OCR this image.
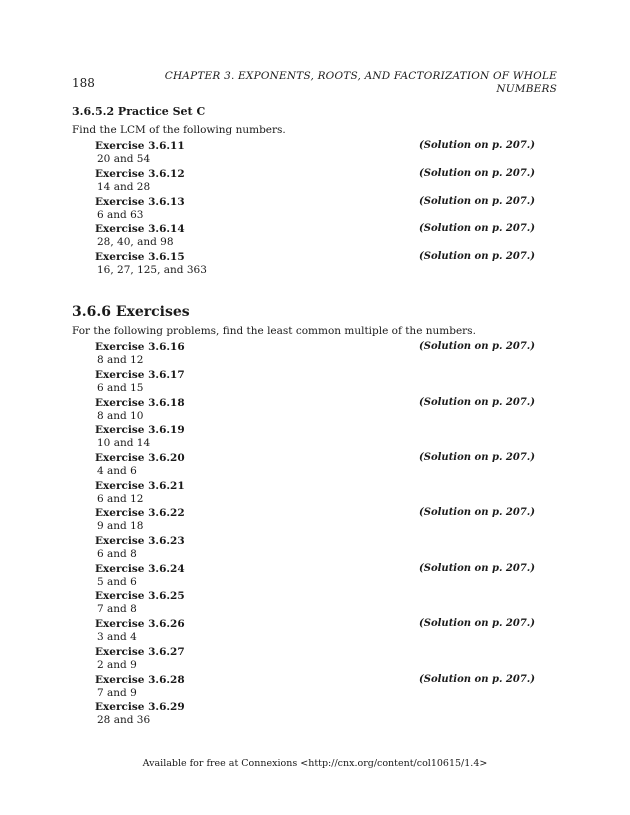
188	CHAPTER 3. EXPONENTS, ROOTS, AND FACTORIZATION OF WHOLE
NUMBERS
3.6.5.2 Practice Set C
Find the LCM of the following numbers.
Exercise 3.6.11
20 and 54
(Solution on p. 207.)
Exercise 3.6.12
14 and 28
(Solution on p. 207.)
Exercise 3.6.13
6 and 63
(Solution on p. 207.)
Exercise 3.6.14
28, 40, and 98
(Solution on p. 207.)
Exercise 3.6.15
16, 27, 125, and 363
(Solution on p. 207.)
3.6.6 Exercises
For the following problems, find the least common multiple of the numbers.
Exercise 3.6.16
8 and 12
(Solution on p. 207.)
Exercise 3.6.17
6 and 15
Exercise 3.6.18
8 and 10
(Solution on p. 207.)
Exercise 3.6.19
10 and 14
Exercise 3.6.20
4 and 6
(Solution on p. 207.)
Exercise 3.6.21
6 and 12
Exercise 3.6.22
9 and 18
(Solution on p. 207.)
Exercise 3.6.23
6 and 8
Exercise 3.6.24
5 and 6
(Solution on p. 207.)
Exercise 3.6.25
7 and 8
Exercise 3.6.26
3 and 4
(Solution on p. 207.)
Exercise 3.6.27
2 and 9
Exercise 3.6.28
7 and 9
(Solution on p. 207.)
Exercise 3.6.29
28 and 36
Available for free at Connexions <http://cnx.org/content/col10615/1.4>
